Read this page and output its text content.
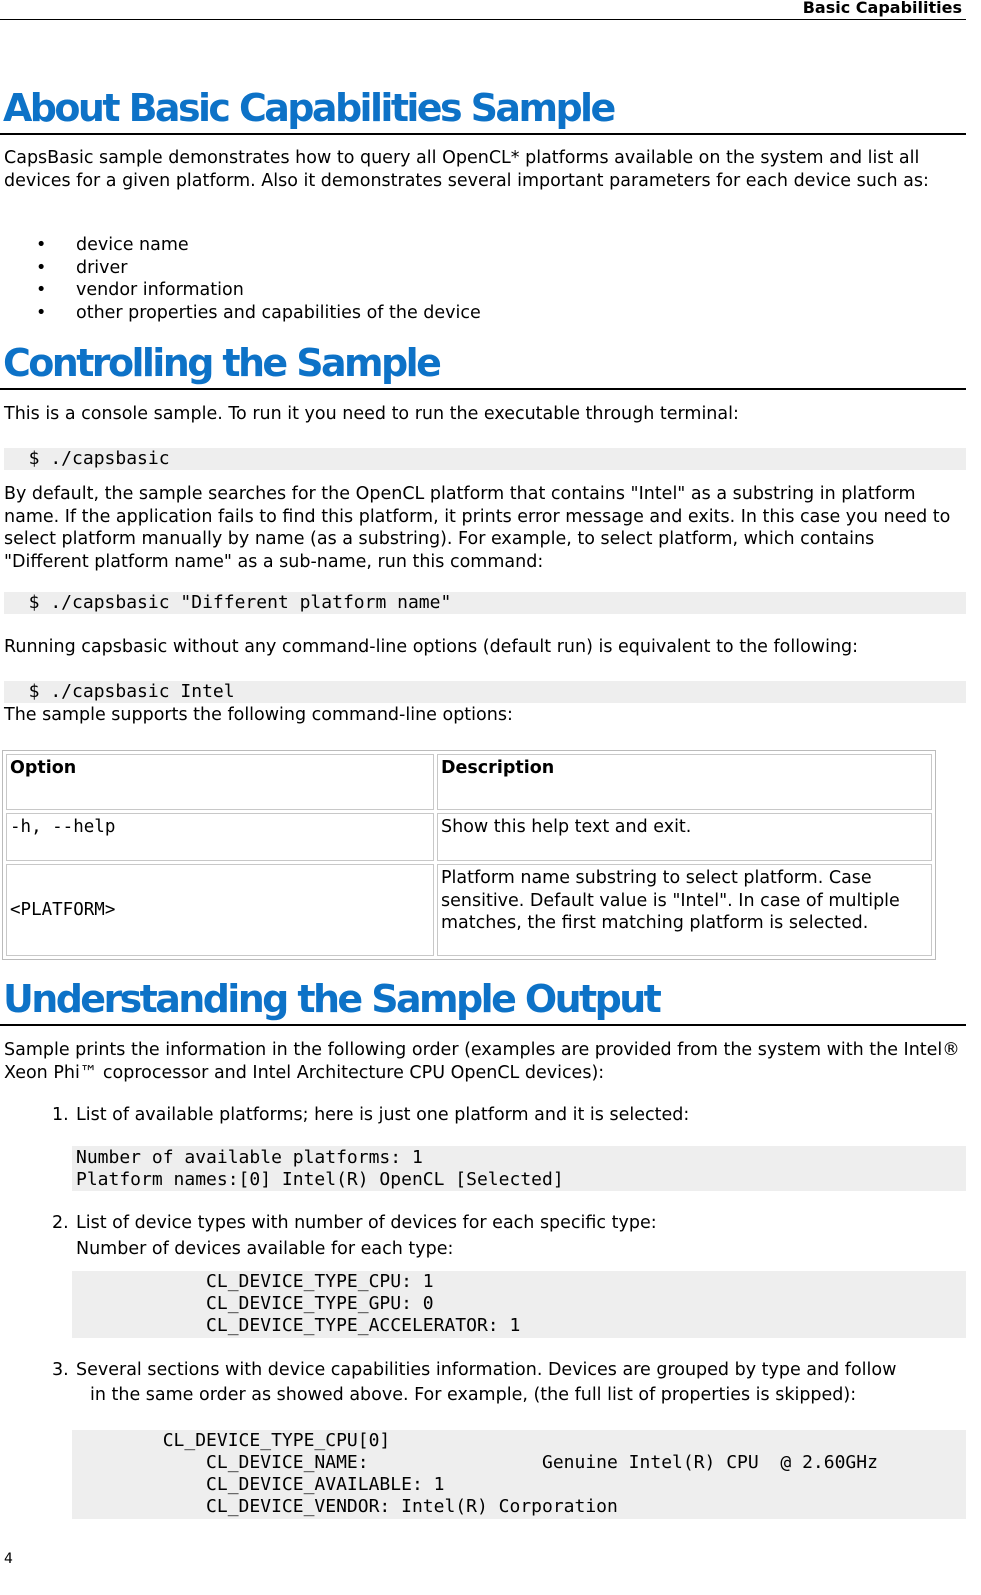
Basic Capabilities
About Basic Capabilities Sample

CapsBasic sample demonstrates how to query all OpenCL* platforms available on the system and list all devices for a given platform. Also it demonstrates several important parameters for each device such as:

• device name
• driver
• vendor information
• other properties and capabilities of the device
Controlling the Sample

This is a console sample. To run it you need to run the executable through terminal:

$ ./capsbasic

By default, the sample searches for the OpenCL platform that contains "Intel" as a substring in platform name. If the application fails to find this platform, it prints error message and exits. In this case you need to select platform manually by name (as a substring). For example, to select platform, which contains "Different platform name" as a sub-name, run this command:

$ ./capsbasic "Different platform name"

Running capsbasic without any command-line options (default run) is equivalent to the following:

$ ./capsbasic Intel

The sample supports the following command-line options:

Option	Description
-h, --help	Show this help text and exit.
<PLATFORM>	Platform name substring to select platform. Case sensitive. Default value is "Intel". In case of multiple matches, the first matching platform is selected.
Understanding the Sample Output

Sample prints the information in the following order (examples are provided from the system with the Intel® Xeon Phi™ coprocessor and Intel Architecture CPU OpenCL devices):

1. List of available platforms; here is just one platform and it is selected:

Number of available platforms: 1
Platform names:[0] Intel(R) OpenCL [Selected]
2. List of device types with number of devices for each specific type:

Number of devices available for each type:

CL_DEVICE_TYPE_CPU: 1
CL_DEVICE_TYPE_GPU: 0
CL_DEVICE_TYPE_ACCELERATOR: 1
3. Several sections with device capabilities information. Devices are grouped by type and follow

in the same order as showed above. For example, (the full list of properties is skipped):

CL_DEVICE_TYPE_CPU[0]
CL_DEVICE_NAME:                Genuine Intel(R) CPU  @ 2.60GHz
CL_DEVICE_AVAILABLE: 1
CL_DEVICE_VENDOR: Intel(R) Corporation
4
